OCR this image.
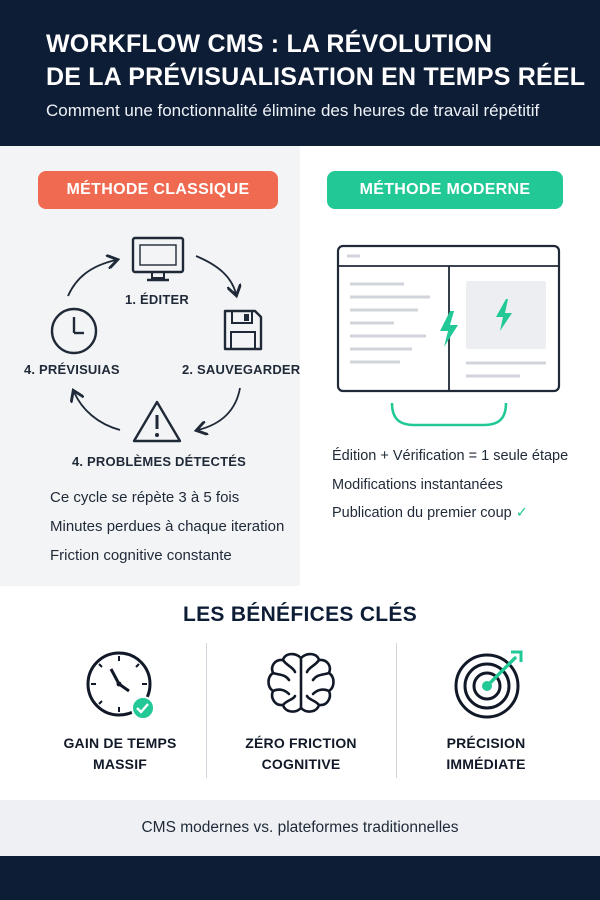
WORKFLOW CMS : LA RÉVOLUTION
DE LA PRÉVISUALISATION EN TEMPS RÉEL
Comment une fonctionnalité élimine des heures de travail répétitif
MÉTHODE CLASSIQUE	MÉTHODE MODERNE
1. ÉDITER
2. SAUVEGARDER
4. PROBLÈMES DÉTECTÉS
4. PRÉVISUIAS
Ce cycle se répète 3 à 5 fois
Minutes perdues à chaque iteration
Friction cognitive constante
Édition + Vérification = 1 seule étape
Modifications instantanées
Publication du premier coup ✓
LES BÉNÉFICES CLÉS
GAIN DE TEMPS
MASSIF
ZÉRO FRICTION
COGNITIVE
PRÉCISION
IMMÉDIATE
CMS modernes vs. plateformes traditionnelles
